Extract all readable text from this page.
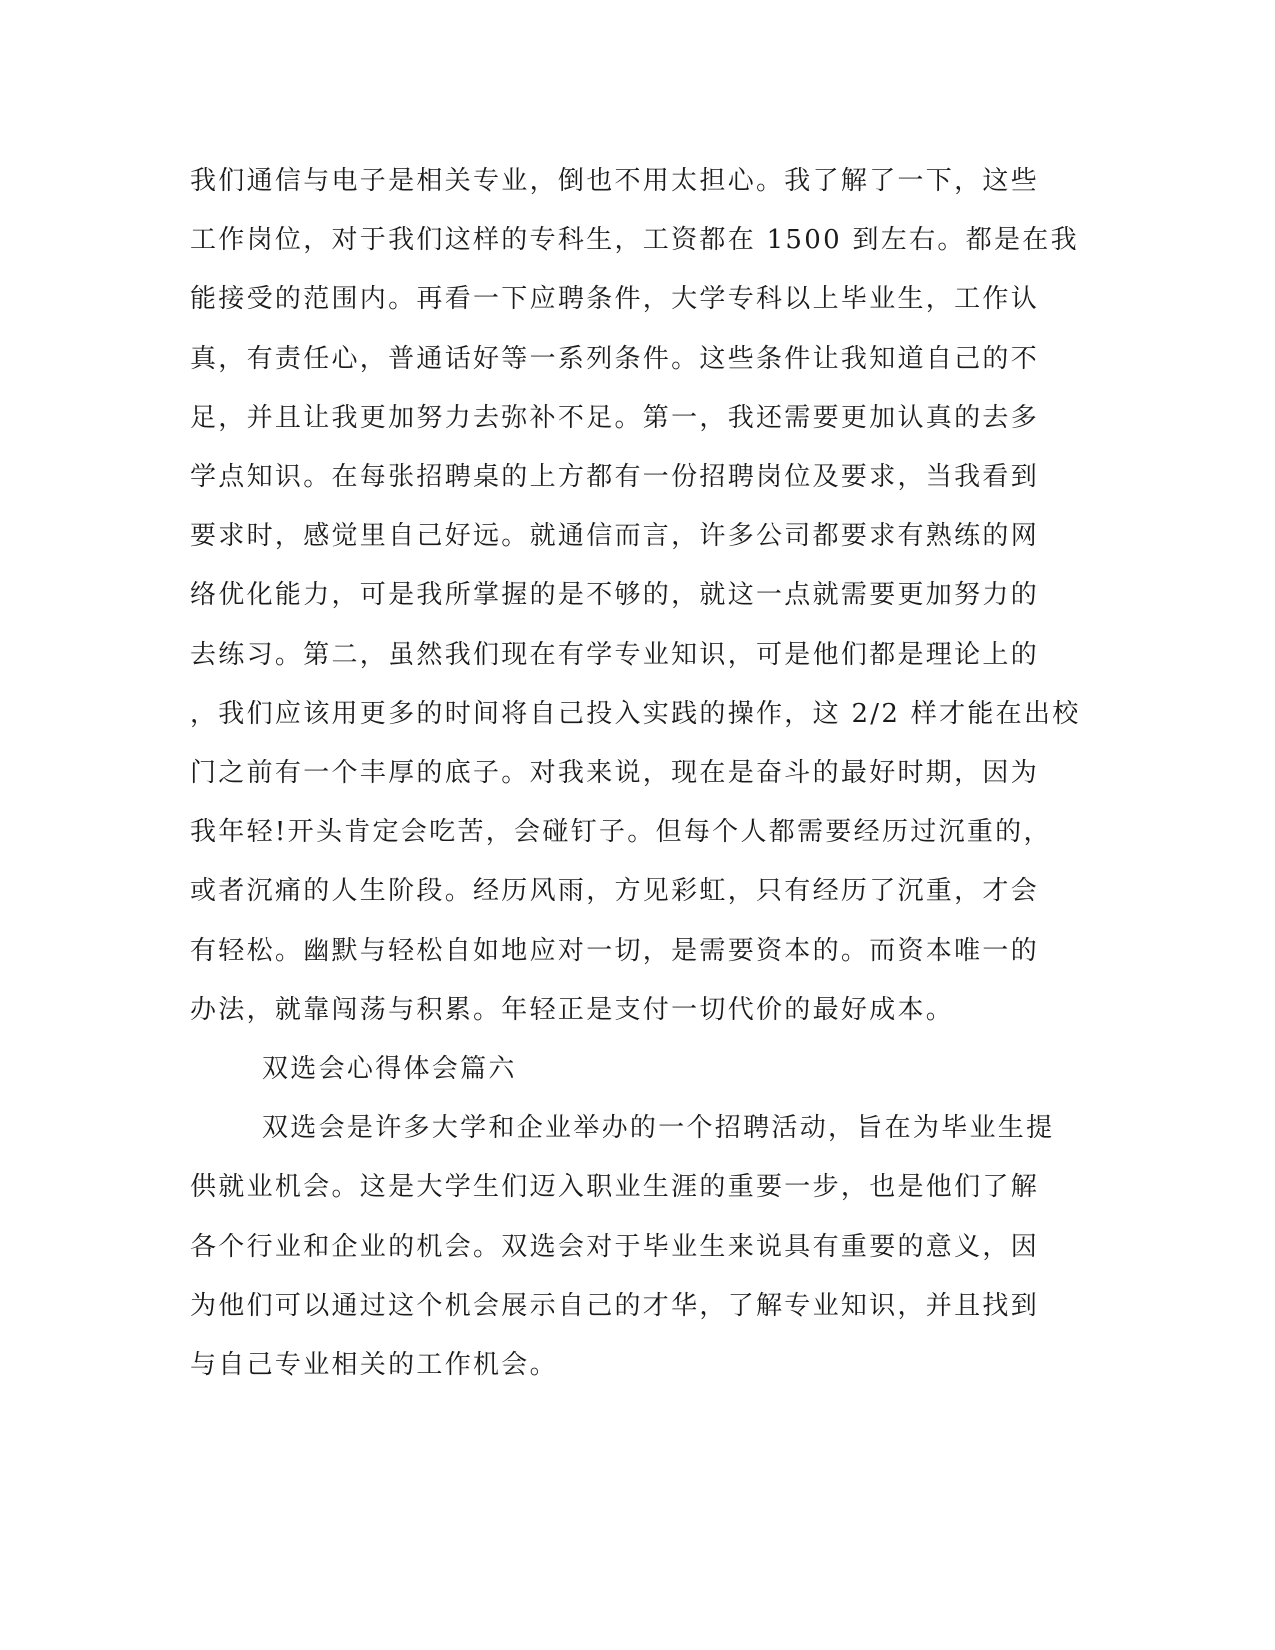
我们通信与电子是相关专业，倒也不用太担心。我了解了一下，这些
工作岗位，对于我们这样的专科生，工资都在 1500 到左右。都是在我
能接受的范围内。再看一下应聘条件，大学专科以上毕业生，工作认
真，有责任心，普通话好等一系列条件。这些条件让我知道自己的不
足，并且让我更加努力去弥补不足。第一，我还需要更加认真的去多
学点知识。在每张招聘桌的上方都有一份招聘岗位及要求，当我看到
要求时，感觉里自己好远。就通信而言，许多公司都要求有熟练的网
络优化能力，可是我所掌握的是不够的，就这一点就需要更加努力的
去练习。第二，虽然我们现在有学专业知识，可是他们都是理论上的
，我们应该用更多的时间将自己投入实践的操作，这 2/2 样才能在出校
门之前有一个丰厚的底子。对我来说，现在是奋斗的最好时期，因为
我年轻!开头肯定会吃苦，会碰钉子。但每个人都需要经历过沉重的，
或者沉痛的人生阶段。经历风雨，方见彩虹，只有经历了沉重，才会
有轻松。幽默与轻松自如地应对一切，是需要资本的。而资本唯一的
办法，就靠闯荡与积累。年轻正是支付一切代价的最好成本。
双选会心得体会篇六
双选会是许多大学和企业举办的一个招聘活动，旨在为毕业生提
供就业机会。这是大学生们迈入职业生涯的重要一步，也是他们了解
各个行业和企业的机会。双选会对于毕业生来说具有重要的意义，因
为他们可以通过这个机会展示自己的才华，了解专业知识，并且找到
与自己专业相关的工作机会。
